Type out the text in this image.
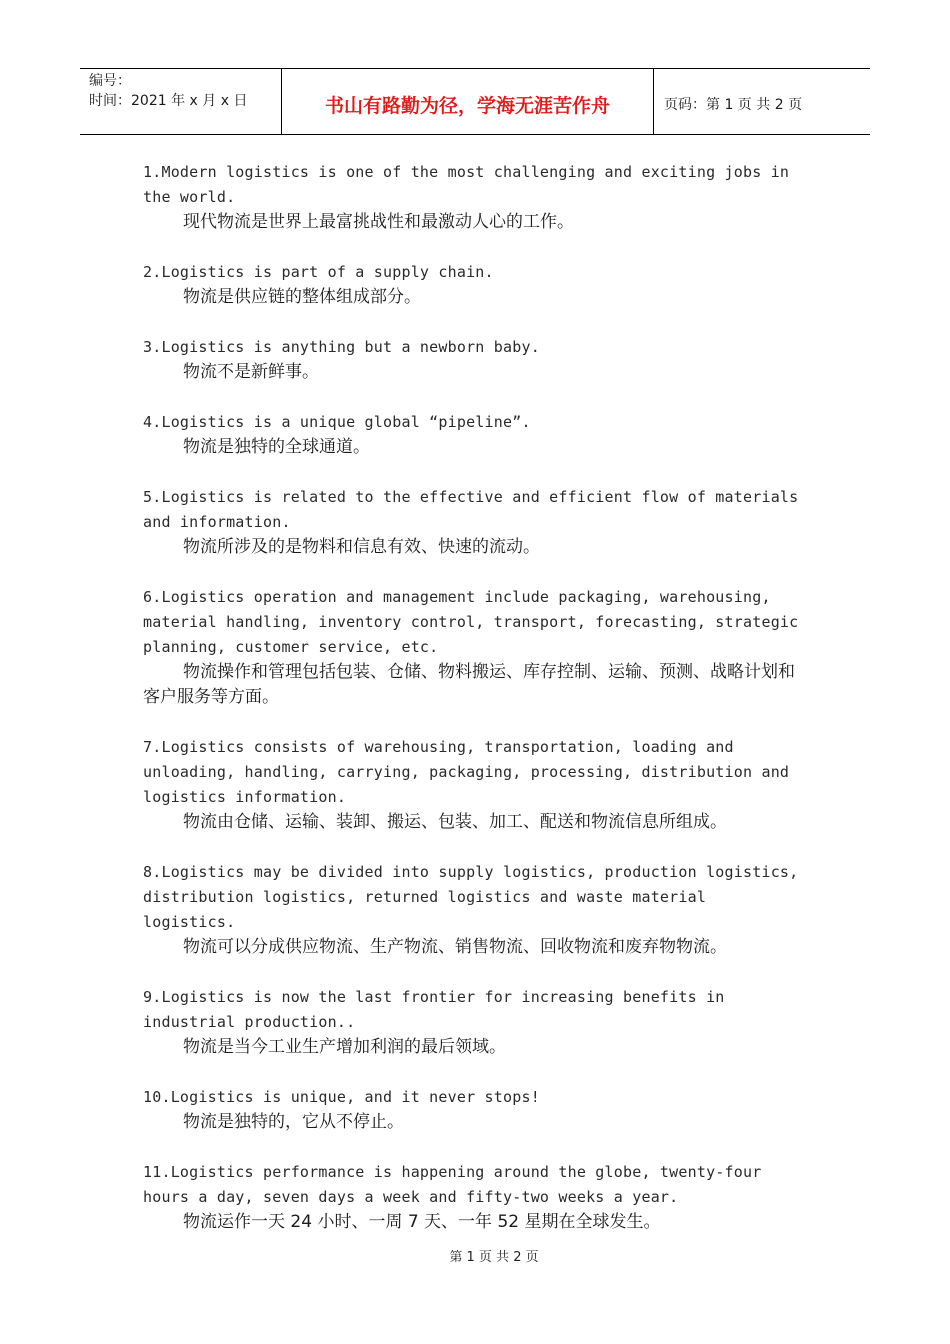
编号：
时间：2021 年 x 月 x 日	书山有路勤为径，学海无涯苦作舟	页码：第 1 页 共 2 页
1.Modern logistics is one of the most challenging and exciting jobs in the world.
现代物流是世界上最富挑战性和最激动人心的工作。
2.Logistics is part of a supply chain.
物流是供应链的整体组成部分。
3.Logistics is anything but a newborn baby.
物流不是新鲜事。
4.Logistics is a unique global “pipeline”.
物流是独特的全球通道。
5.Logistics is related to the effective and efficient flow of materials and information.
物流所涉及的是物料和信息有效、快速的流动。
6.Logistics operation and management include packaging, warehousing, material handling, inventory control, transport, forecasting, strategic planning, customer service, etc.
物流操作和管理包括包装、仓储、物料搬运、库存控制、运输、预测、战略计划和客户服务等方面。
7.Logistics consists of warehousing, transportation, loading and unloading, handling, carrying, packaging, processing, distribution and logistics information.
物流由仓储、运输、装卸、搬运、包装、加工、配送和物流信息所组成。
8.Logistics may be divided into supply logistics, production logistics, distribution logistics, returned logistics and waste material logistics.
物流可以分成供应物流、生产物流、销售物流、回收物流和废弃物物流。
9.Logistics is now the last frontier for increasing benefits in industrial production..
物流是当今工业生产增加利润的最后领域。
10.Logistics is unique, and it never stops!
物流是独特的，它从不停止。
11.Logistics performance is happening around the globe, twenty-four hours a day, seven days a week and fifty-two weeks a year.
物流运作一天 24 小时、一周 7 天、一年 52 星期在全球发生。
第 1 页 共 2 页
